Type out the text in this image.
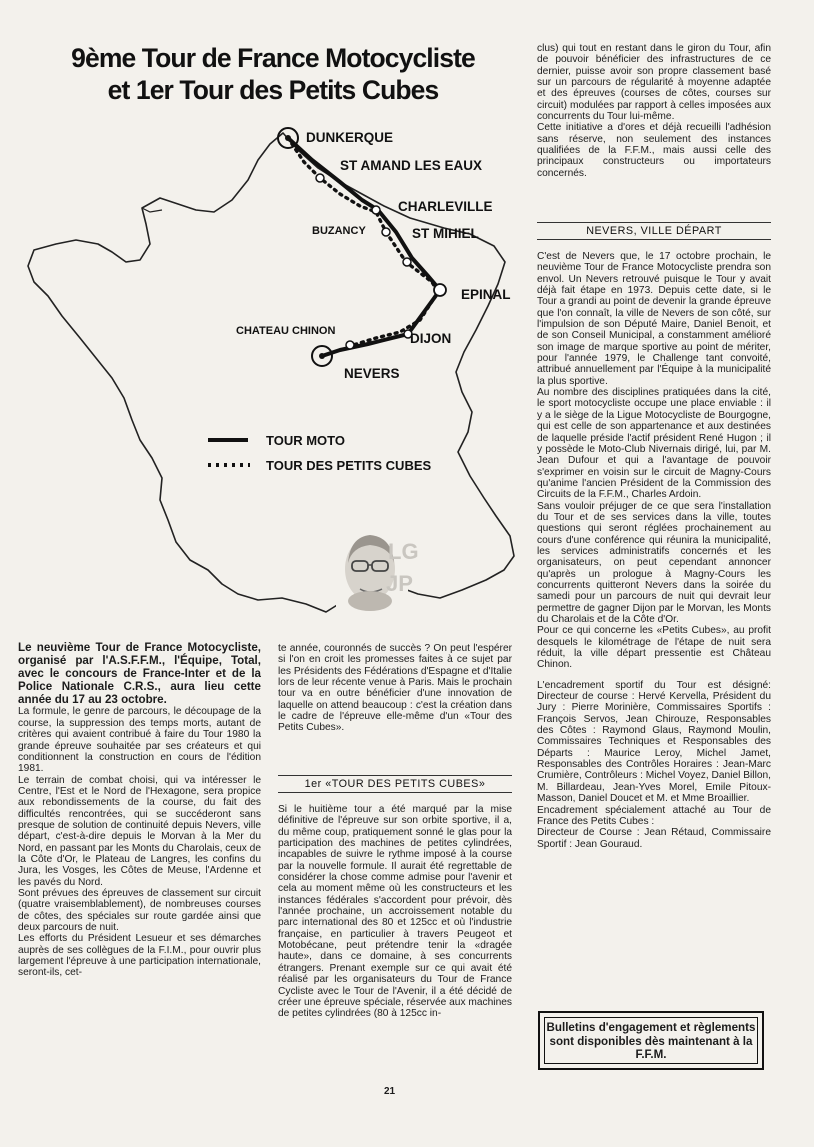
9ème Tour de France Motocycliste
et 1er Tour des Petits Cubes
DUNKERQUE
ST AMAND LES EAUX
CHARLEVILLE
BUZANCY	ST MIHIEL
EPINAL
CHATEAU CHINON	DIJON
NEVERS
TOUR MOTO
TOUR DES PETITS CUBES
LG
JP

Le neuvième Tour de France Motocycliste, organisé par l'A.S.F.F.M., l'Équipe, Total, avec le concours de France-Inter et de la Police Nationale C.R.S., aura lieu cette année du 17 au 23 octobre.

La formule, le genre de parcours, le découpage de la course, la suppression des temps morts, autant de critères qui avaient contribué à faire du Tour 1980 la grande épreuve souhaitée par ses créateurs et qui conditionnent la construction en cours de l'édition 1981.

Le terrain de combat choisi, qui va intéresser le Centre, l'Est et le Nord de l'Hexagone, sera propice aux rebondissements de la course, du fait des difficultés rencontrées, qui se succéderont sans presque de solution de continuité depuis Nevers, ville départ, c'est-à-dire depuis le Morvan à la Mer du Nord, en passant par les Monts du Charolais, ceux de la Côte d'Or, le Plateau de Langres, les confins du Jura, les Vosges, les Côtes de Meuse, l'Ardenne et les pavés du Nord.

Sont prévues des épreuves de classement sur circuit (quatre vraisemblablement), de nombreuses courses de côtes, des spéciales sur route gardée ainsi que deux parcours de nuit.

Les efforts du Président Lesueur et ses démarches auprès de ses collègues de la F.I.M., pour ouvrir plus largement l'épreuve à une participation internationale, seront-ils, cet-

te année, couronnés de succès ? On peut l'espérer si l'on en croit les promesses faites à ce sujet par les Présidents des Fédérations d'Espagne et d'Italie lors de leur récente venue à Paris. Mais le prochain tour va en outre bénéficier d'une innovation de laquelle on attend beaucoup : c'est la création dans le cadre de l'épreuve elle-même d'un «Tour des Petits Cubes».

1er «TOUR DES PETITS CUBES»

Si le huitième tour a été marqué par la mise définitive de l'épreuve sur son orbite sportive, il a, du même coup, pratiquement sonné le glas pour la participation des machines de petites cylindrées, incapables de suivre le rythme imposé à la course par la nouvelle formule. Il aurait été regrettable de considérer la chose comme admise pour l'avenir et cela au moment même où les constructeurs et les instances fédérales s'accordent pour prévoir, dès l'année prochaine, un accroissement notable du parc international des 80 et 125cc et où l'industrie française, en particulier à travers Peugeot et Motobécane, peut prétendre tenir la «dragée haute», dans ce domaine, à ses concurrents étrangers. Prenant exemple sur ce qui avait été réalisé par les organisateurs du Tour de France Cycliste avec le Tour de l'Avenir, il a été décidé de créer une épreuve spéciale, réservée aux machines de petites cylindrées (80 à 125cc in-

clus) qui tout en restant dans le giron du Tour, afin de pouvoir bénéficier des infrastructures de ce dernier, puisse avoir son propre classement basé sur un parcours de régularité à moyenne adaptée et des épreuves (courses de côtes, courses sur circuit) modulées par rapport à celles imposées aux concurrents du Tour lui-même.

Cette initiative a d'ores et déjà recueilli l'adhésion sans réserve, non seulement des instances qualifiées de la F.F.M., mais aussi celle des principaux constructeurs ou importateurs concernés.

NEVERS, VILLE DÉPART

C'est de Nevers que, le 17 octobre prochain, le neuvième Tour de France Motocycliste prendra son envol. Un Nevers retrouvé puisque le Tour y avait déjà fait étape en 1973. Depuis cette date, si le Tour a grandi au point de devenir la grande épreuve que l'on connaît, la ville de Nevers de son côté, sur l'impulsion de son Député Maire, Daniel Benoit, et de son Conseil Municipal, a constamment amélioré son image de marque sportive au point de mériter, pour l'année 1979, le Challenge tant convoité, attribué annuellement par l'Équipe à la municipalité la plus sportive.

Au nombre des disciplines pratiquées dans la cité, le sport motocycliste occupe une place enviable : il y a le siège de la Ligue Motocycliste de Bourgogne, qui est celle de son appartenance et aux destinées de laquelle préside l'actif président René Hugon ; il y possède le Moto-Club Nivernais dirigé, lui, par M. Jean Dufour et qui a l'avantage de pouvoir s'exprimer en voisin sur le circuit de Magny-Cours qu'anime l'ancien Président de la Commission des Circuits de la F.F.M., Charles Ardoin.

Sans vouloir préjuger de ce que sera l'installation du Tour et de ses services dans la ville, toutes questions qui seront réglées prochainement au cours d'une conférence qui réunira la municipalité, les services administratifs concernés et les organisateurs, on peut cependant annoncer qu'après un prologue à Magny-Cours les concurrents quitteront Nevers dans la soirée du samedi pour un parcours de nuit qui devrait leur permettre de gagner Dijon par le Morvan, les Monts du Charolais et de la Côte d'Or.

Pour ce qui concerne les «Petits Cubes», au profit desquels le kilométrage de l'étape de nuit sera réduit, la ville départ pressentie est Château Chinon.

L'encadrement sportif du Tour est désigné: Directeur de course : Hervé Kervella, Président du Jury : Pierre Morinière, Commissaires Sportifs : François Servos, Jean Chirouze, Responsables des Côtes : Raymond Glaus, Raymond Moulin, Commissaires Techniques et Responsables des Départs : Maurice Leroy, Michel Jamet, Responsables des Contrôles Horaires : Jean-Marc Crumière, Contrôleurs : Michel Voyez, Daniel Billon, M. Billardeau, Jean-Yves Morel, Emile Pitoux-Masson, Daniel Doucet et M. et Mme Broaillier.

Encadrement spécialement attaché au Tour de France des Petits Cubes :

Directeur de Course : Jean Rétaud, Commissaire Sportif : Jean Gouraud.

Bulletins d'engagement et règlements sont disponibles dès maintenant à la F.F.M.
21
